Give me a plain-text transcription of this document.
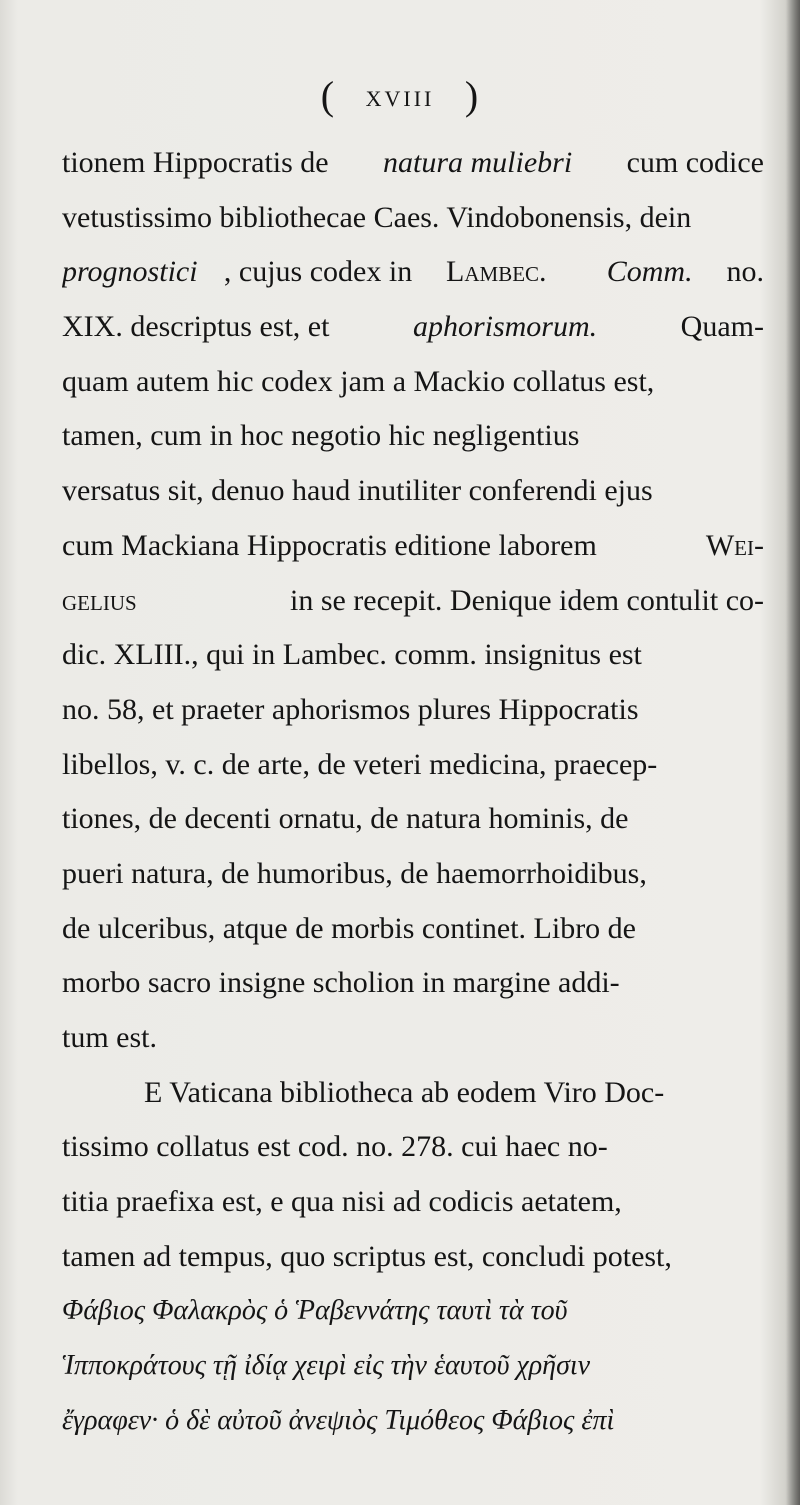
( XVIII )
tionem Hippocratis de natura muliebri cum codice
vetustissimo bibliothecae Caes. Vindobonensis, dein
prognostici , cujus codex in Lambec.
Comm. no.
XIX. descriptus est, et	aphorismorum.	Quam-
quam autem hic codex jam a Mackio collatus est,
tamen, cum in hoc negotio hic negligentius
versatus sit, denuo haud inutiliter conferendi ejus
cum Mackiana Hippocratis editione laborem	Wei-
gelius	in se recepit. Denique idem contulit co-
dic. XLIII., qui in Lambec. comm. insignitus est
no. 58, et praeter aphorismos plures Hippocratis
libellos, v. c. de arte, de veteri medicina, praecep-
tiones, de decenti ornatu, de natura hominis, de
pueri natura, de humoribus, de haemorrhoidibus,
de ulceribus, atque de morbis continet. Libro de
morbo sacro insigne scholion in margine addi-
tum est.
E Vaticana bibliotheca ab eodem Viro Doc-
tissimo collatus est cod. no. 278. cui haec no-
titia praefixa est, e qua nisi ad codicis aetatem,
tamen ad tempus, quo scriptus est, concludi potest,
Φάβιος Φαλακρὸς ὁ Ῥαβεννάτης ταυτὶ τὰ τοῦ
Ἱπποκράτους τῇ ἰδίᾳ χειρὶ εἰς τὴν ἑαυτοῦ χρῆσιν
ἔγραφεν· ὁ δὲ αὐτοῦ ἀνεψιὸς Τιμόθεος Φάβιος ἐπὶ
